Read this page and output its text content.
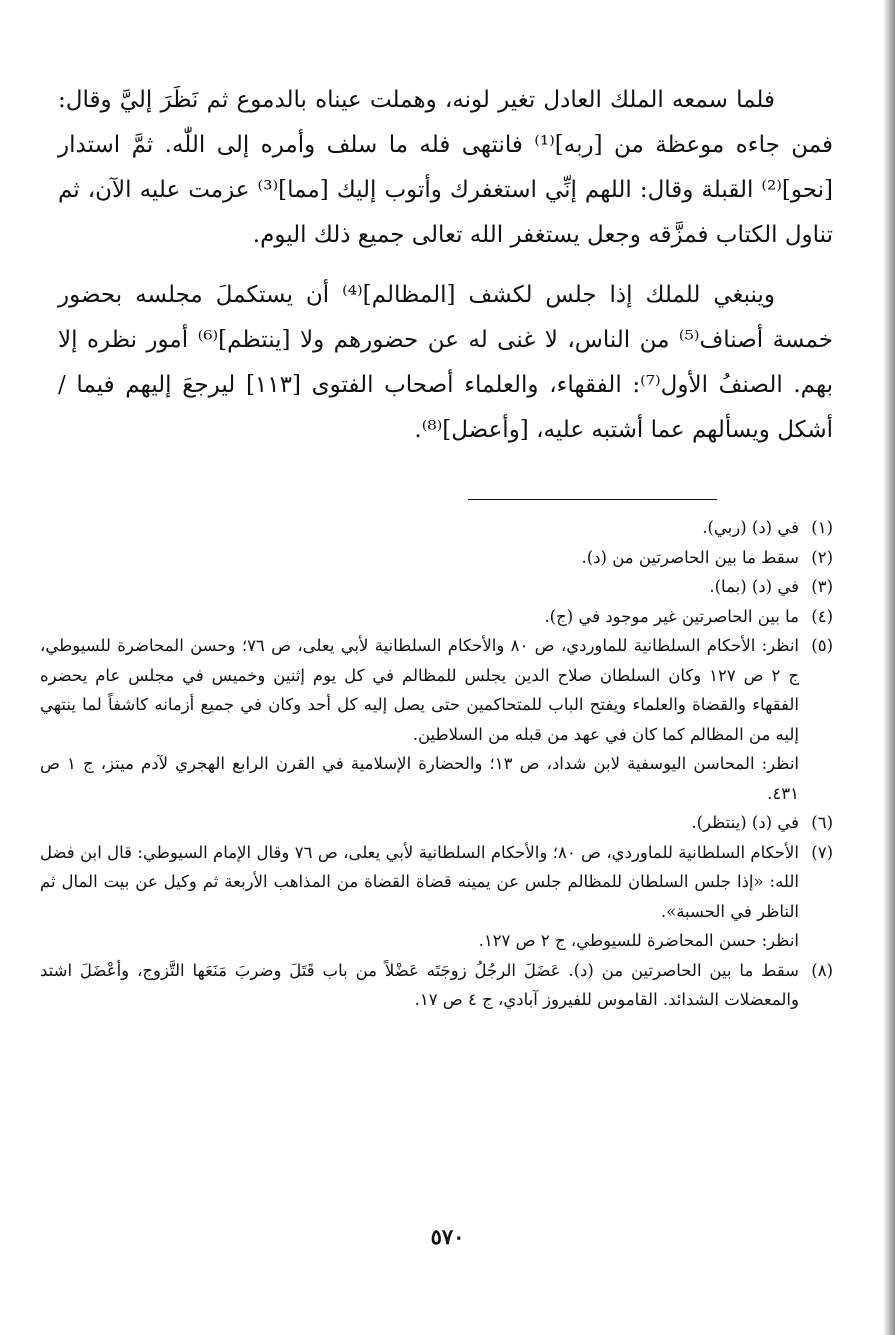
فلما سمعه الملك العادل تغير لونه، وهملت عيناه بالدموع ثم نَظَرَ إليَّ وقال: فمن جاءه موعظة من [ربه]⁽¹⁾ فانتهى فله ما سلف وأمره إلى اللّٰه. ثمَّ استدار [نحو]⁽²⁾ القبلة وقال: اللهم إنِّي استغفرك وأتوب إليك [مما]⁽³⁾ عزمت عليه الآن، ثم تناول الكتاب فمزَّقه وجعل يستغفر الله تعالى جميع ذلك اليوم.

وينبغي للملك إذا جلس لكشف [المظالم]⁽⁴⁾ أن يستكملَ مجلسه بحضور خمسة أصناف⁽⁵⁾ من الناس، لا غنى له عن حضورهم ولا [ينتظم]⁽⁶⁾ أمور نظره إلا بهم. الصنفُ الأول⁽⁷⁾: الفقهاء، والعلماء أصحاب الفتوى [١١٣] ليرجعَ إليهم فيما / أشكل ويسألهم عما أشتبه عليه، [وأعضل]⁽⁸⁾.

(١)
في (د) (ربي).
(٢)
سقط ما بين الحاصرتين من (د).
(٣)
في (د) (بما).
(٤)
ما بين الحاصرتين غير موجود في (ج).
(٥)
انظر: الأحكام السلطانية للماوردي، ص ٨٠ والأحكام السلطانية لأبي يعلى، ص ٧٦؛ وحسن المحاضرة للسيوطي، ج ٢ ص ١٢٧ وكان السلطان صلاح الدين يجلس للمظالم في كل يوم إثنين وخميس في مجلس عام يحضره الفقهاء والقضاة والعلماء ويفتح الباب للمتحاكمين حتى يصل إليه كل أحد وكان في جميع أزمانه كاشفاً لما ينتهي إليه من المظالم كما كان في عهد من قبله من السلاطين.
انظر: المحاسن اليوسفية لابن شداد، ص ١٣؛ والحضارة الإسلامية في القرن الرابع الهجري لآدم ميتز، ج ١ ص ٤٣١.
(٦)
في (د) (ينتظر).
(٧)
الأحكام السلطانية للماوردي، ص ٨٠؛ والأحكام السلطانية لأبي يعلى، ص ٧٦ وقال الإمام السيوطي: قال ابن فضل الله: «إذا جلس السلطان للمظالم جلس عن يمينه قضاة القضاة من المذاهب الأربعة ثم وكيل عن بيت المال ثم الناظر في الحسبة».
انظر: حسن المحاضرة للسيوطي، ج ٢ ص ١٢٧.
(٨)
سقط ما بين الحاصرتين من (د). عَضَلَ الرجُلُ زوجَتَه عَضْلاً من باب قَتَلَ وضربَ مَنَعَها التَّزوج، وأعْضَلَ اشتد والمعضلات الشدائد. القاموس للفيروز آبادي، ج ٤ ص ١٧.
٥٧٠
